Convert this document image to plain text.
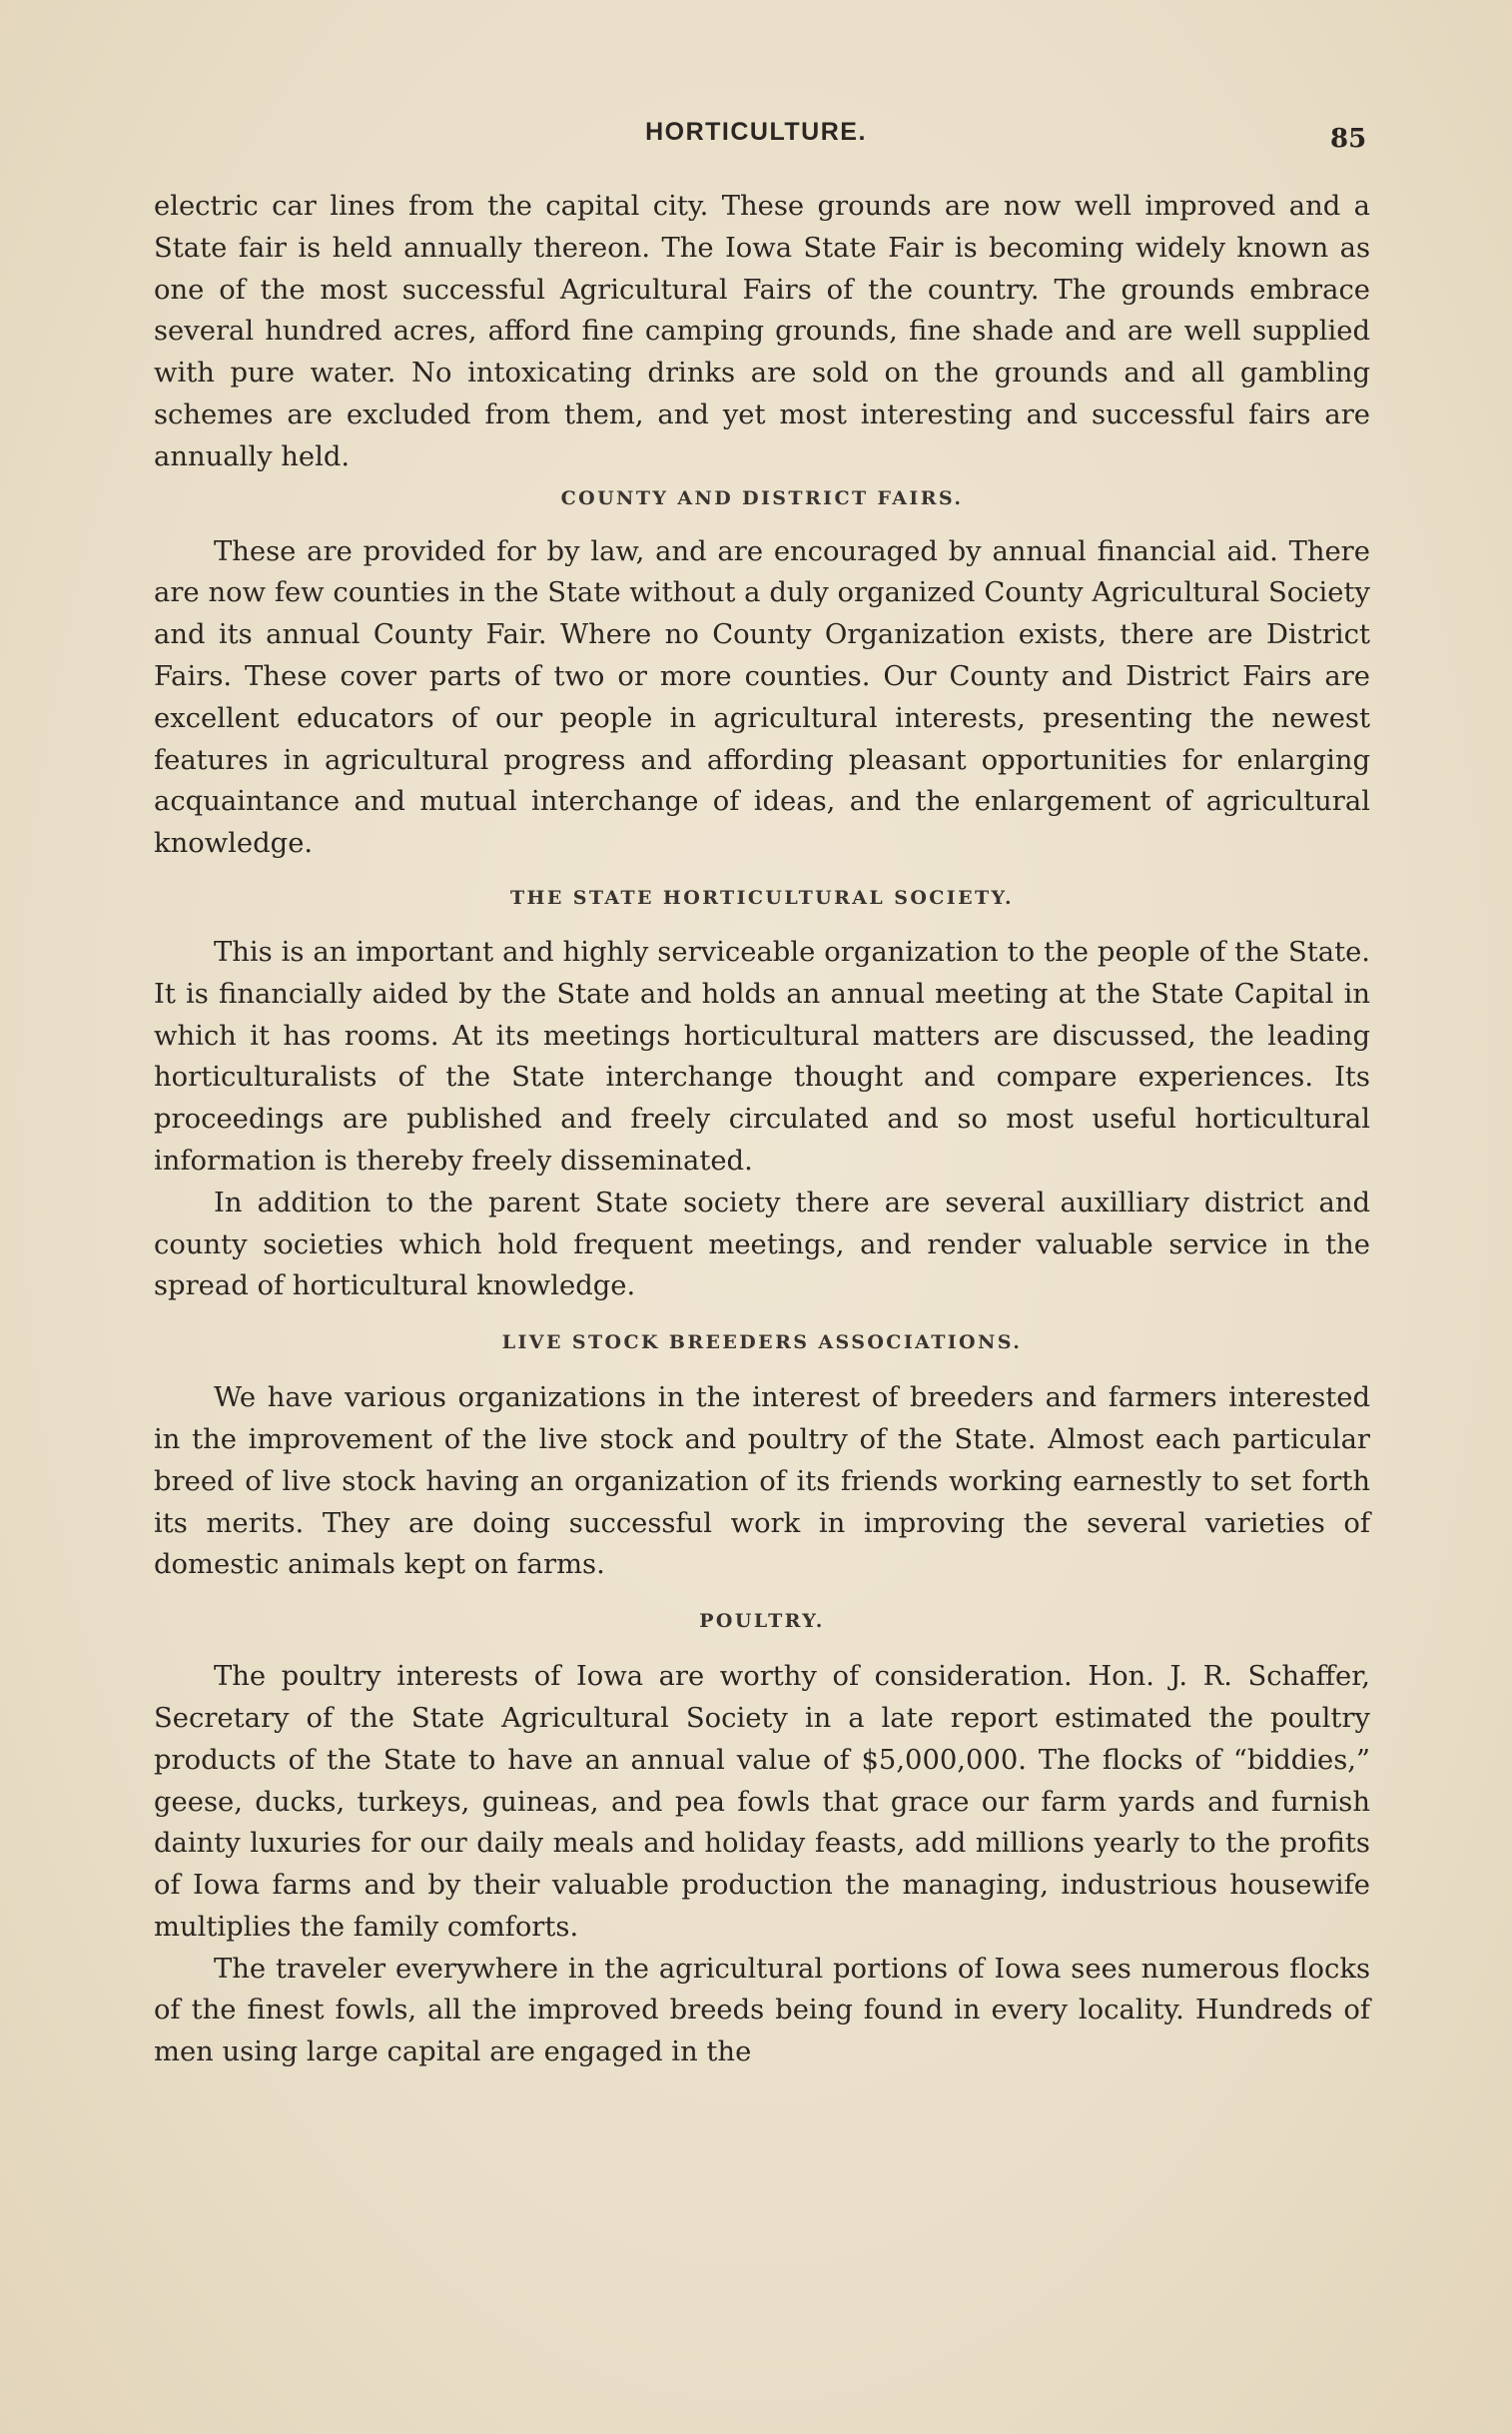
HORTICULTURE.	85

electric car lines from the capital city. These grounds are now well improved and a State fair is held annually thereon. The Iowa State Fair is becoming widely known as one of the most successful Agricultural Fairs of the country. The grounds embrace several hundred acres, afford fine camping grounds, fine shade and are well supplied with pure water. No intoxicating drinks are sold on the grounds and all gambling schemes are excluded from them, and yet most interesting and successful fairs are annually held.

COUNTY AND DISTRICT FAIRS.

These are provided for by law, and are encouraged by annual financial aid. There are now few counties in the State without a duly organized County Agricultural Society and its annual County Fair. Where no County Organization exists, there are District Fairs. These cover parts of two or more counties. Our County and District Fairs are excellent educators of our people in agricultural interests, presenting the newest features in agricultural progress and affording pleasant opportunities for enlarging acquaintance and mutual interchange of ideas, and the enlargement of agricultural knowledge.

THE STATE HORTICULTURAL SOCIETY.

This is an important and highly serviceable organization to the people of the State. It is financially aided by the State and holds an annual meeting at the State Capital in which it has rooms. At its meetings horticultural matters are discussed, the leading horticulturalists of the State interchange thought and compare experiences. Its proceedings are published and freely circulated and so most useful horticultural information is thereby freely disseminated.

In addition to the parent State society there are several auxilliary district and county societies which hold frequent meetings, and render valuable service in the spread of horticultural knowledge.

LIVE STOCK BREEDERS ASSOCIATIONS.

We have various organizations in the interest of breeders and farmers interested in the improvement of the live stock and poultry of the State. Almost each particular breed of live stock having an organization of its friends working earnestly to set forth its merits. They are doing successful work in improving the several varieties of domestic animals kept on farms.

POULTRY.

The poultry interests of Iowa are worthy of consideration. Hon. J. R. Schaffer, Secretary of the State Agricultural Society in a late report estimated the poultry products of the State to have an annual value of $5,000,000. The flocks of “biddies,” geese, ducks, turkeys, guineas, and pea fowls that grace our farm yards and furnish dainty luxuries for our daily meals and holiday feasts, add millions yearly to the profits of Iowa farms and by their valuable production the managing, industrious housewife multiplies the family comforts.

The traveler everywhere in the agricultural portions of Iowa sees numerous flocks of the finest fowls, all the improved breeds being found in every locality. Hundreds of men using large capital are engaged in the
